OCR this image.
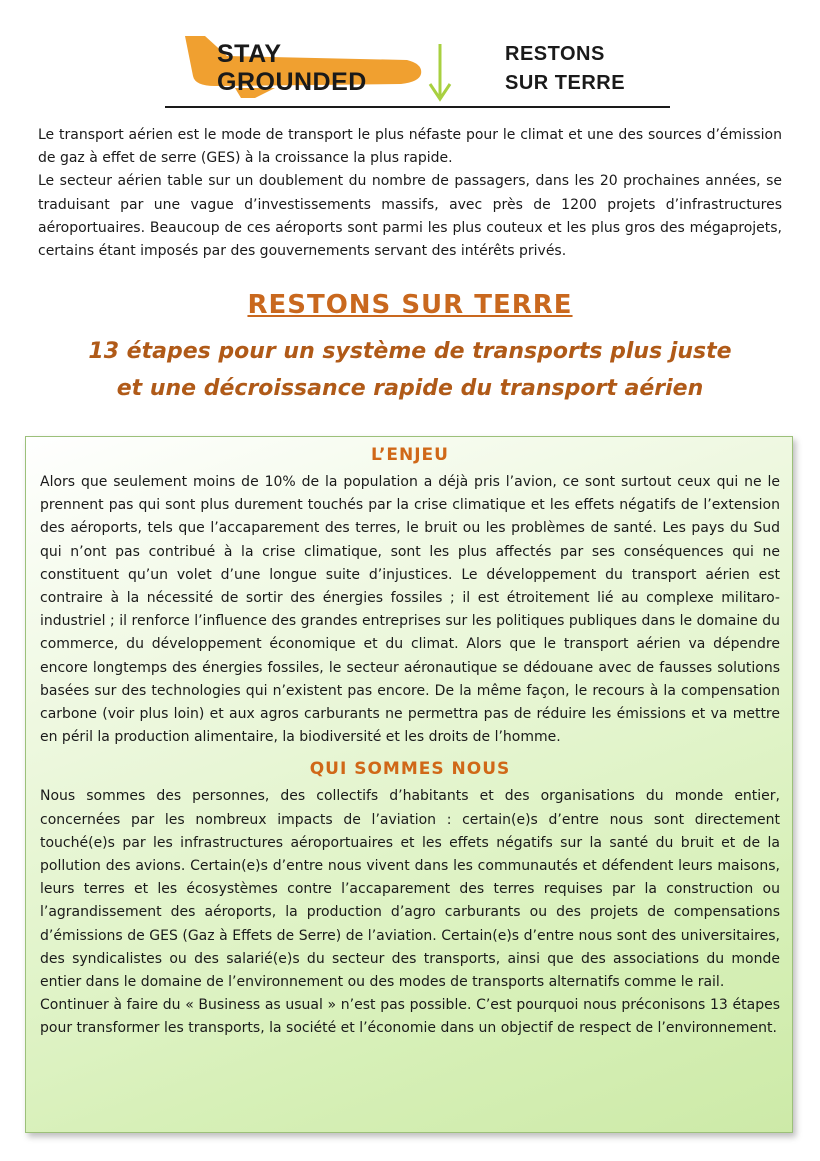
STAY
GROUNDED
RESTONS
SUR TERRE

Le transport aérien est le mode de transport le plus néfaste pour le climat et une des sources d’émission de gaz à effet de serre (GES) à la croissance la plus rapide.

Le secteur aérien table sur un doublement du nombre de passagers, dans les 20 prochaines années, se traduisant par une vague d’investissements massifs, avec près de 1200 projets d’infrastructures aéroportuaires. Beaucoup de ces aéroports sont parmi les plus couteux et les plus gros des mégaprojets, certains étant imposés par des gouvernements servant des intérêts privés.

RESTONS SUR TERRE
13 étapes pour un système de transports plus juste
et une décroissance rapide du transport aérien
L’ENJEU

Alors que seulement moins de 10% de la population a déjà pris l’avion, ce sont surtout ceux qui ne le prennent pas qui sont plus durement touchés par la crise climatique et les effets négatifs de l’extension des aéroports, tels que l’accaparement des terres, le bruit ou les problèmes de santé. Les pays du Sud qui n’ont pas contribué à la crise climatique, sont les plus affectés par ses conséquences qui ne constituent qu’un volet d’une longue suite d’injustices. Le développement du transport aérien est contraire à la nécessité de sortir des énergies fossiles ; il est étroitement lié au complexe militaro-industriel ; il renforce l’influence des grandes entreprises sur les politiques publiques dans le domaine du commerce, du développement économique et du climat. Alors que le transport aérien va dépendre encore longtemps des énergies fossiles, le secteur aéronautique se dédouane avec de fausses solutions basées sur des technologies qui n’existent pas encore. De la même façon, le recours à la compensation carbone (voir plus loin) et aux agros carburants ne permettra pas de réduire les émissions et va mettre en péril la production alimentaire, la biodiversité et les droits de l’homme.

QUI SOMMES NOUS

Nous sommes des personnes, des collectifs d’habitants et des organisations du monde entier, concernées par les nombreux impacts de l’aviation : certain(e)s d’entre nous sont directement touché(e)s par les infrastructures aéroportuaires et les effets négatifs sur la santé du bruit et de la pollution des avions. Certain(e)s d’entre nous vivent dans les communautés et défendent leurs maisons, leurs terres et les écosystèmes contre l’accaparement des terres requises par la construction ou l’agrandissement des aéroports, la production d’agro carburants ou des projets de compensations d’émissions de GES (Gaz à Effets de Serre) de l’aviation. Certain(e)s d’entre nous sont des universitaires, des syndicalistes ou des salarié(e)s du secteur des transports, ainsi que des associations du monde entier dans le domaine de l’environnement ou des modes de transports alternatifs comme le rail.

Continuer à faire du « Business as usual » n’est pas possible. C’est pourquoi nous préconisons 13 étapes pour transformer les transports, la société et l’économie dans un objectif de respect de l’environnement.
